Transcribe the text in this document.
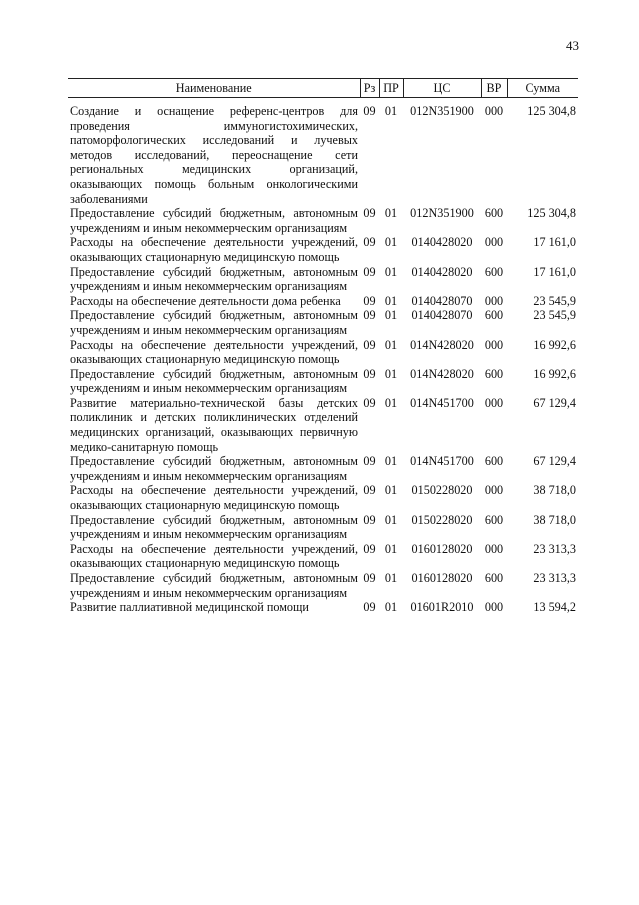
43
Наименование	Рз	ПР	ЦС	ВР	Сумма

Создание и оснащение референс-центров для проведения иммуногистохимических, патоморфологических исследований и лучевых методов исследований, переоснащение сети региональных медицинских организаций, оказывающих помощь больным онкологическими заболеваниями	09	01	012N351900	000	125 304,8
Предоставление субсидий бюджетным, автономным учреждениям и иным некоммерческим организациям	09	01	012N351900	600	125 304,8
Расходы на обеспечение деятельности учреждений, оказывающих стационарную медицинскую помощь	09	01	0140428020	000	17 161,0
Предоставление субсидий бюджетным, автономным учреждениям и иным некоммерческим организациям	09	01	0140428020	600	17 161,0
Расходы на обеспечение деятельности дома ребенка	09	01	0140428070	000	23 545,9
Предоставление субсидий бюджетным, автономным учреждениям и иным некоммерческим организациям	09	01	0140428070	600	23 545,9
Расходы на обеспечение деятельности учреждений, оказывающих стационарную медицинскую помощь	09	01	014N428020	000	16 992,6
Предоставление субсидий бюджетным, автономным учреждениям и иным некоммерческим организациям	09	01	014N428020	600	16 992,6
Развитие материально-технической базы детских поликлиник и детских поликлинических отделений медицинских организаций, оказывающих первичную медико-санитарную помощь	09	01	014N451700	000	67 129,4
Предоставление субсидий бюджетным, автономным учреждениям и иным некоммерческим организациям	09	01	014N451700	600	67 129,4
Расходы на обеспечение деятельности учреждений, оказывающих стационарную медицинскую помощь	09	01	0150228020	000	38 718,0
Предоставление субсидий бюджетным, автономным учреждениям и иным некоммерческим организациям	09	01	0150228020	600	38 718,0
Расходы на обеспечение деятельности учреждений, оказывающих стационарную медицинскую помощь	09	01	0160128020	000	23 313,3
Предоставление субсидий бюджетным, автономным учреждениям и иным некоммерческим организациям	09	01	0160128020	600	23 313,3
Развитие паллиативной медицинской помощи	09	01	01601R2010	000	13 594,2
